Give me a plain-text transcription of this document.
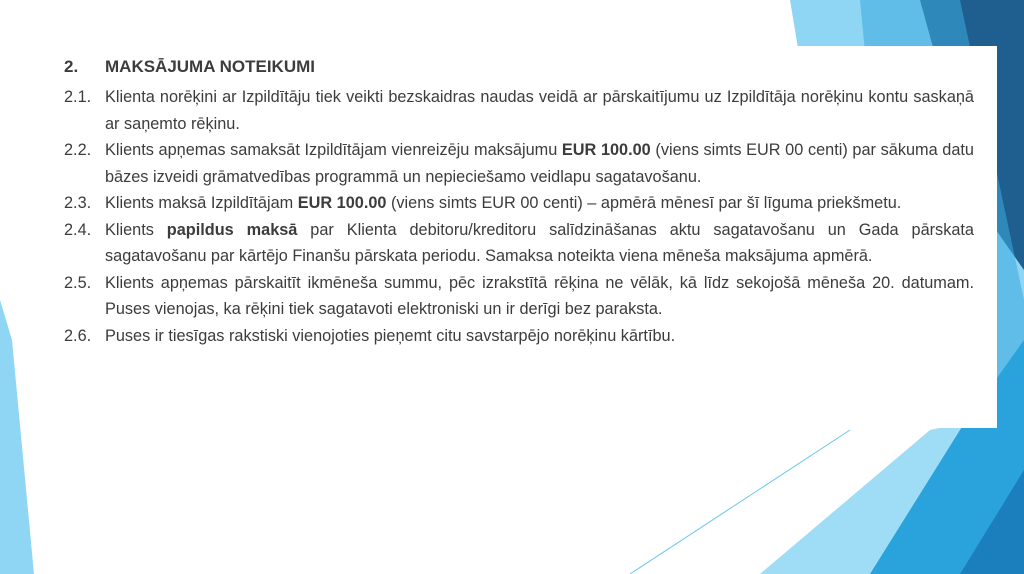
2.	MAKSĀJUMA NOTEIKUMI
2.1. Klienta norēķini ar Izpildītāju tiek veikti bezskaidras naudas veidā ar pārskaitījumu uz Izpildītāja norēķinu kontu saskaņā ar saņemto rēķinu.
2.2. Klients apņemas samaksāt Izpildītājam vienreizēju maksājumu EUR 100.00 (viens simts EUR 00 centi) par sākuma datu bāzes izveidi grāmatvedības programmā un nepieciešamo veidlapu sagatavošanu.
2.3. Klients maksā Izpildītājam EUR 100.00 (viens simts EUR 00 centi) – apmērā mēnesī par šī līguma priekšmetu.
2.4. Klients papildus maksā par Klienta debitoru/kreditoru salīdzināšanas aktu sagatavošanu un Gada pārskata sagatavošanu par kārtējo Finanšu pārskata periodu. Samaksa noteikta viena mēneša maksājuma apmērā.
2.5. Klients apņemas pārskaitīt ikmēneša summu, pēc izrakstītā rēķina ne vēlāk, kā līdz sekojošā mēneša 20. datumam. Puses vienojas, ka rēķini tiek sagatavoti elektroniski un ir derīgi bez paraksta.
2.6. Puses ir tiesīgas rakstiski vienojoties pieņemt citu savstarpējo norēķinu kārtību.
